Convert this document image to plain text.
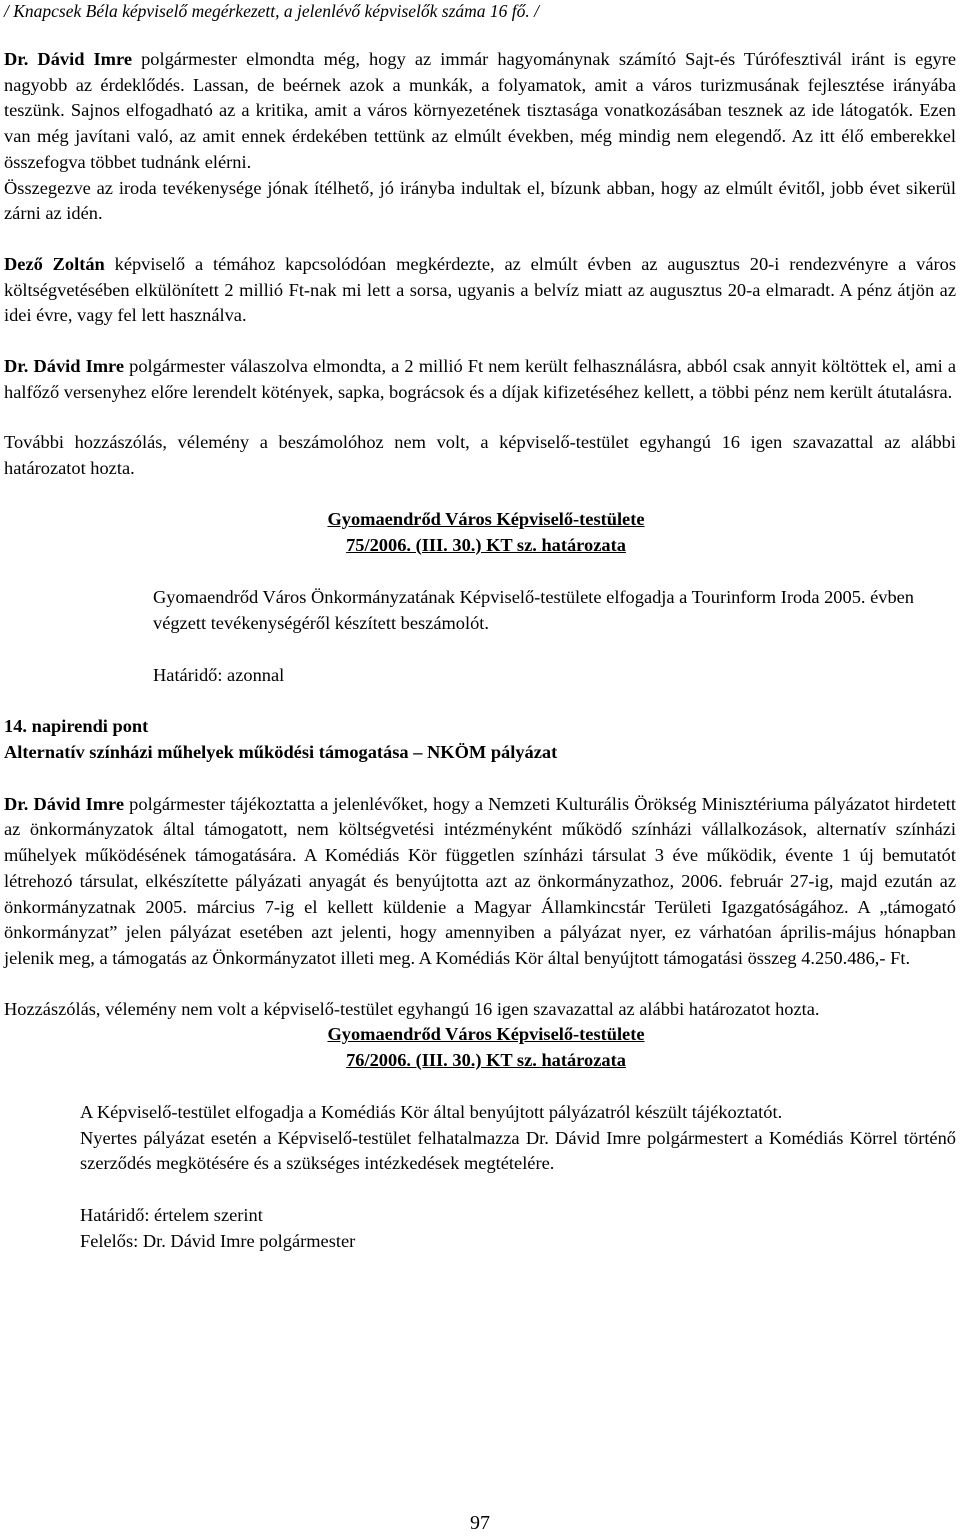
/ Knapcsek Béla képviselő megérkezett, a jelenlévő képviselők száma 16 fő. /

Dr. Dávid Imre polgármester elmondta még, hogy az immár hagyománynak számító Sajt-és Túrófesztivál iránt is egyre nagyobb az érdeklődés. Lassan, de beérnek azok a munkák, a folyamatok, amit a város turizmusának fejlesztése irányába teszünk. Sajnos elfogadható az a kritika, amit a város környezetének tisztasága vonatkozásában tesznek az ide látogatók. Ezen van még javítani való, az amit ennek érdekében tettünk az elmúlt években, még mindig nem elegendő. Az itt élő emberekkel összefogva többet tudnánk elérni.

Összegezve az iroda tevékenysége jónak ítélhető, jó irányba indultak el, bízunk abban, hogy az elmúlt évitől, jobb évet sikerül zárni az idén.

Dező Zoltán képviselő a témához kapcsolódóan megkérdezte, az elmúlt évben az augusztus 20-i rendezvényre a város költségvetésében elkülönített 2 millió Ft-nak mi lett a sorsa, ugyanis a belvíz miatt az augusztus 20-a elmaradt. A pénz átjön az idei évre, vagy fel lett használva.

Dr. Dávid Imre polgármester válaszolva elmondta, a 2 millió Ft nem került felhasználásra, abból csak annyit költöttek el, ami a halfőző versenyhez előre lerendelt kötények, sapka, bográcsok és a díjak kifizetéséhez kellett, a többi pénz nem került átutalásra.

További hozzászólás, vélemény a beszámolóhoz nem volt, a képviselő-testület egyhangú 16 igen szavazattal az alábbi határozatot hozta.

Gyomaendrőd Város Képviselő-testülete

75/2006. (III. 30.) KT sz. határozata

Gyomaendrőd Város Önkormányzatának Képviselő-testülete elfogadja a Tourinform Iroda 2005. évben végzett tevékenységéről készített beszámolót.

Határidő: azonnal

14. napirendi pont

Alternatív színházi műhelyek működési támogatása – NKÖM pályázat

Dr. Dávid Imre polgármester tájékoztatta a jelenlévőket, hogy a Nemzeti Kulturális Örökség Minisztériuma pályázatot hirdetett az önkormányzatok által támogatott, nem költségvetési intézményként működő színházi vállalkozások, alternatív színházi műhelyek működésének támogatására. A Komédiás Kör független színházi társulat 3 éve működik, évente 1 új bemutatót létrehozó társulat, elkészítette pályázati anyagát és benyújtotta azt az önkormányzathoz, 2006. február 27-ig, majd ezután az önkormányzatnak 2005. március 7-ig el kellett küldenie a Magyar Államkincstár Területi Igazgatóságához. A „támogató önkormányzat” jelen pályázat esetében azt jelenti, hogy amennyiben a pályázat nyer, ez várhatóan április-május hónapban jelenik meg, a támogatás az Önkormányzatot illeti meg. A Komédiás Kör által benyújtott támogatási összeg 4.250.486,- Ft.

Hozzászólás, vélemény nem volt a képviselő-testület egyhangú 16 igen szavazattal az alábbi határozatot hozta.

Gyomaendrőd Város Képviselő-testülete

76/2006. (III. 30.) KT sz. határozata

A Képviselő-testület elfogadja a Komédiás Kör által benyújtott pályázatról készült tájékoztatót.

Nyertes pályázat esetén a Képviselő-testület felhatalmazza Dr. Dávid Imre polgármestert a Komédiás Körrel történő szerződés megkötésére és a szükséges intézkedések megtételére.

Határidő: értelem szerint

Felelős: Dr. Dávid Imre polgármester

97
